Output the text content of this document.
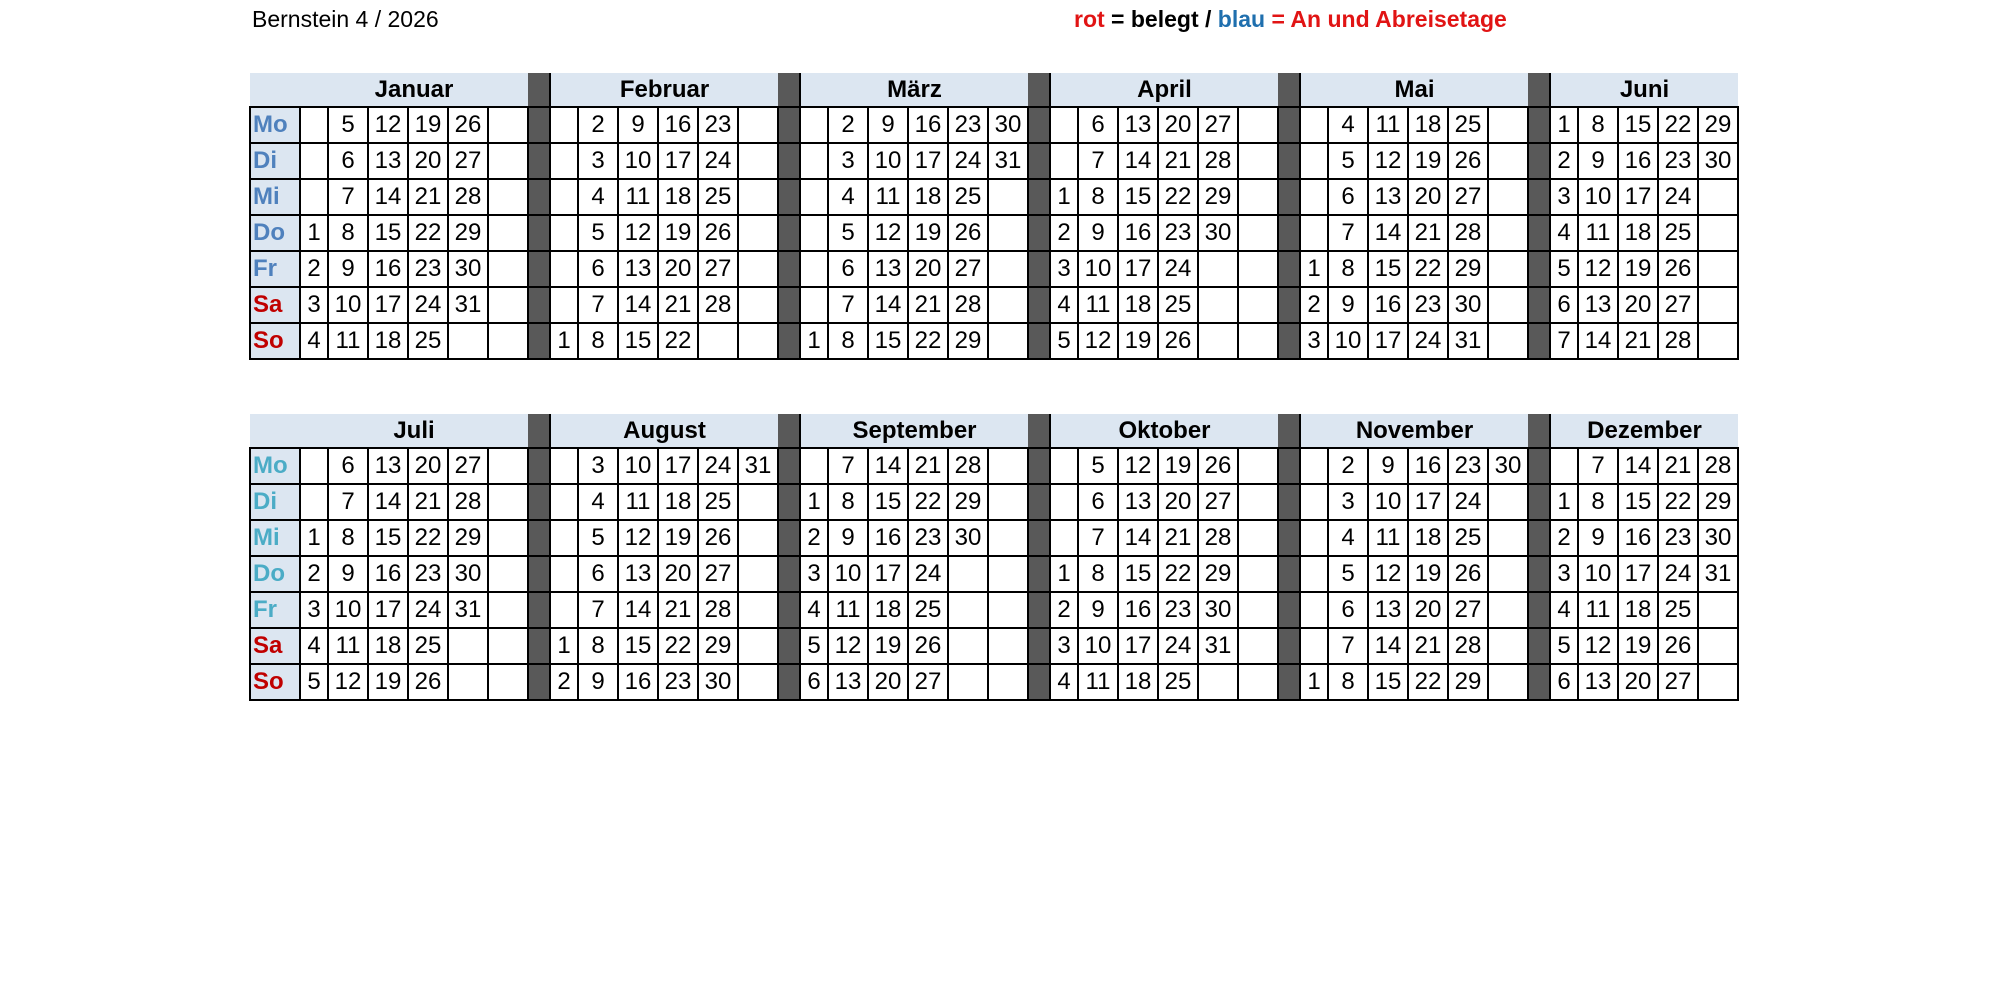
Bernstein 4 / 2026	rot = belegt / blau = An und Abreisetage
	Januar							Februar							März							April							Mai							Juni				
Mo		5	12	19	26				2	9	16	23				2	9	16	23	30			6	13	20	27				4	11	18	25			1	8	15	22	29
Di		6	13	20	27				3	10	17	24				3	10	17	24	31			7	14	21	28				5	12	19	26			2	9	16	23	30
Mi		7	14	21	28				4	11	18	25				4	11	18	25			1	8	15	22	29				6	13	20	27			3	10	17	24	
Do	1	8	15	22	29				5	12	19	26				5	12	19	26			2	9	16	23	30				7	14	21	28			4	11	18	25	
Fr	2	9	16	23	30				6	13	20	27				6	13	20	27			3	10	17	24				1	8	15	22	29			5	12	19	26	
Sa	3	10	17	24	31				7	14	21	28				7	14	21	28			4	11	18	25				2	9	16	23	30			6	13	20	27	
So	4	11	18	25				1	8	15	22				1	8	15	22	29			5	12	19	26				3	10	17	24	31			7	14	21	28	
	Juli							August							September							Oktober							November							Dezember				
Mo		6	13	20	27				3	10	17	24	31			7	14	21	28				5	12	19	26				2	9	16	23	30			7	14	21	28
Di		7	14	21	28				4	11	18	25			1	8	15	22	29				6	13	20	27				3	10	17	24			1	8	15	22	29
Mi	1	8	15	22	29				5	12	19	26			2	9	16	23	30				7	14	21	28				4	11	18	25			2	9	16	23	30
Do	2	9	16	23	30				6	13	20	27			3	10	17	24				1	8	15	22	29				5	12	19	26			3	10	17	24	31
Fr	3	10	17	24	31				7	14	21	28			4	11	18	25				2	9	16	23	30				6	13	20	27			4	11	18	25	
Sa	4	11	18	25				1	8	15	22	29			5	12	19	26				3	10	17	24	31				7	14	21	28			5	12	19	26	
So	5	12	19	26				2	9	16	23	30			6	13	20	27				4	11	18	25				1	8	15	22	29			6	13	20	27	
